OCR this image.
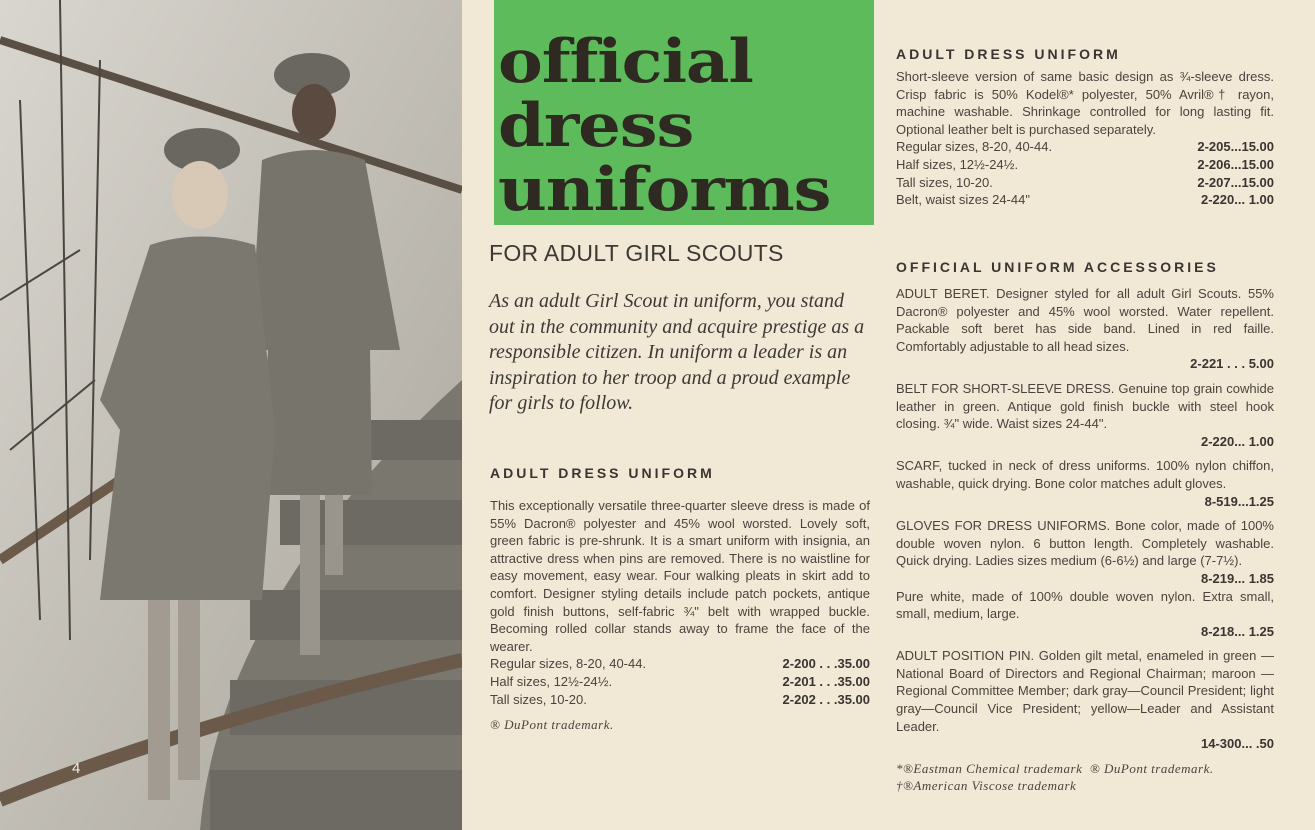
4
official
dress
uniforms
FOR ADULT GIRL SCOUTS
As an adult Girl Scout in uniform, you stand out in the community and acquire prestige as a responsible citizen. In uniform a leader is an inspiration to her troop and a proud example for girls to follow.
ADULT DRESS UNIFORM
This exceptionally versatile three-quarter sleeve dress is made of 55% Dacron® polyester and 45% wool worsted. Lovely soft, green fabric is pre-shrunk. It is a smart uniform with insignia, an attractive dress when pins are removed. There is no waistline for easy movement, easy wear. Four walking pleats in skirt add to comfort. Designer styling details include patch pockets, antique gold finish buttons, self-fabric ¾" belt with wrapped buckle. Becoming rolled collar stands away to frame the face of the wearer.
Regular sizes, 8-20, 40-44.	2-200 . . .35.00
Half sizes, 12½-24½.	2-201 . . .35.00
Tall sizes, 10-20.	2-202 . . .35.00
® DuPont trademark.
ADULT DRESS UNIFORM
Short-sleeve version of same basic design as ¾-sleeve dress. Crisp fabric is 50% Kodel®* polyester, 50% Avril®† rayon, machine washable. Shrinkage controlled for long lasting fit. Optional leather belt is purchased separately.
Regular sizes, 8-20, 40-44.	2-205...15.00
Half sizes, 12½-24½.	2-206...15.00
Tall sizes, 10-20.	2-207...15.00
Belt, waist sizes 24-44"	2-220... 1.00
OFFICIAL UNIFORM ACCESSORIES
ADULT BERET. Designer styled for all adult Girl Scouts. 55% Dacron® polyester and 45% wool worsted. Water repellent. Packable soft beret has side band. Lined in red faille. Comfortably adjustable to all head sizes.
2-221 . . . 5.00
BELT FOR SHORT-SLEEVE DRESS. Genuine top grain cowhide leather in green. Antique gold finish buckle with steel hook closing. ¾" wide. Waist sizes 24-44".
2-220... 1.00
SCARF, tucked in neck of dress uniforms. 100% nylon chiffon, washable, quick drying. Bone color matches adult gloves.
8-519...1.25
GLOVES FOR DRESS UNIFORMS. Bone color, made of 100% double woven nylon. 6 button length. Completely washable. Quick drying. Ladies sizes medium (6-6½) and large (7-7½).
8-219... 1.85
Pure white, made of 100% double woven nylon. Extra small, small, medium, large.
8-218... 1.25
ADULT POSITION PIN. Golden gilt metal, enameled in green — National Board of Directors and Regional Chairman; maroon — Regional Committee Member; dark gray—Council President; light gray—Council Vice President; yellow—Leader and Assistant Leader.
14-300... .50
*®Eastman Chemical trademark  ® DuPont trademark.
†®American Viscose trademark
